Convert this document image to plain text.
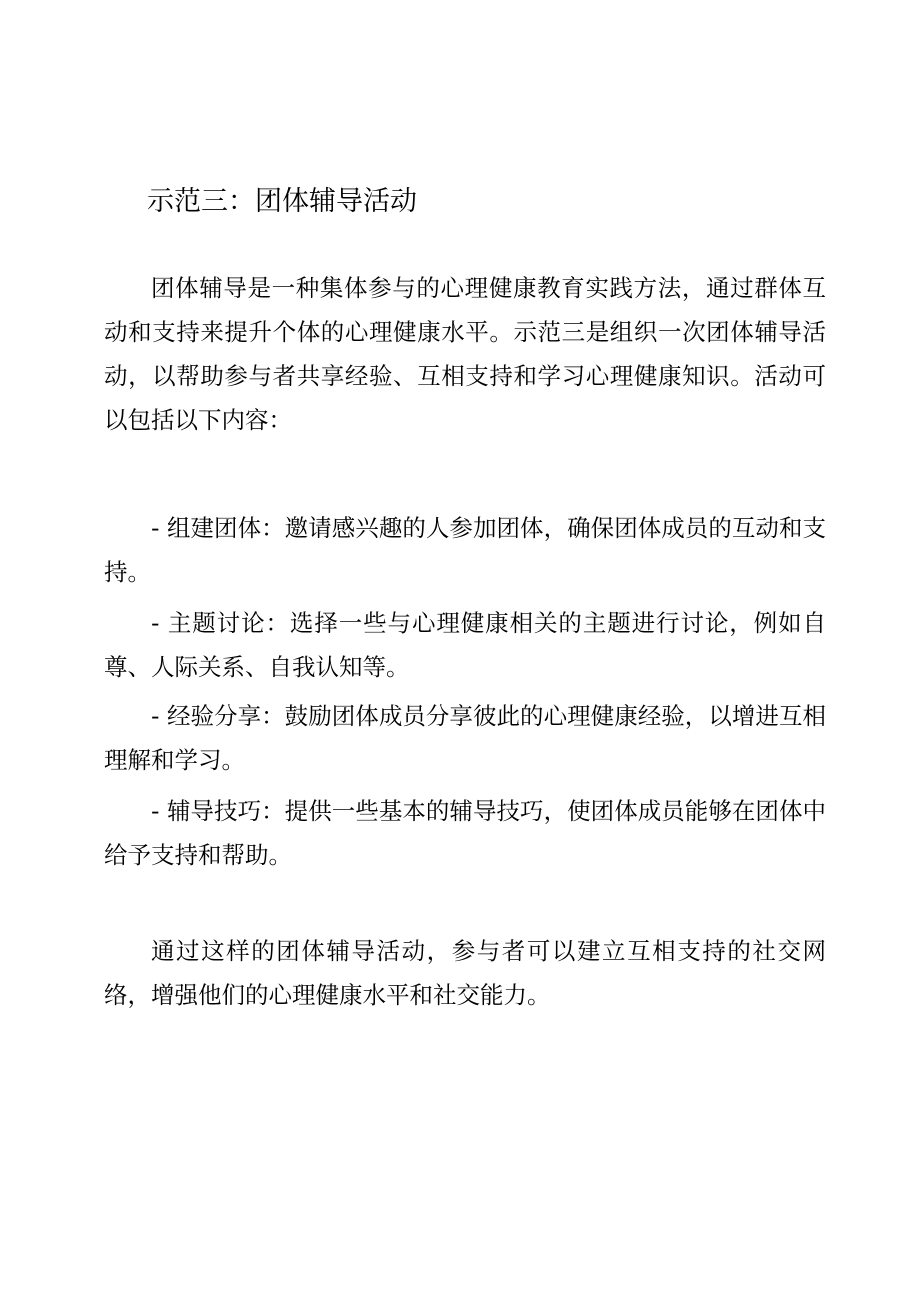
示范三：团体辅导活动

团体辅导是一种集体参与的心理健康教育实践方法，通过群体互动和支持来提升个体的心理健康水平。示范三是组织一次团体辅导活动，以帮助参与者共享经验、互相支持和学习心理健康知识。活动可以包括以下内容：

- 组建团体：邀请感兴趣的人参加团体，确保团体成员的互动和支持。

- 主题讨论：选择一些与心理健康相关的主题进行讨论，例如自尊、人际关系、自我认知等。

- 经验分享：鼓励团体成员分享彼此的心理健康经验，以增进互相理解和学习。

- 辅导技巧：提供一些基本的辅导技巧，使团体成员能够在团体中给予支持和帮助。

通过这样的团体辅导活动，参与者可以建立互相支持的社交网络，增强他们的心理健康水平和社交能力。
